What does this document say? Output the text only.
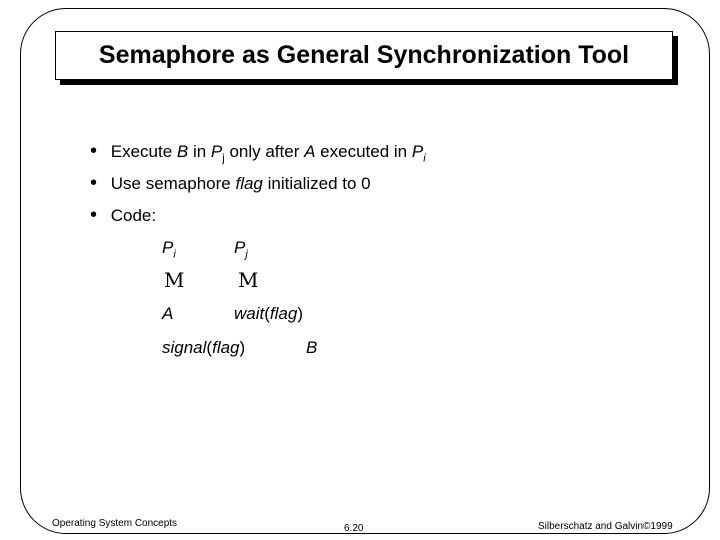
Semaphore as General Synchronization Tool
• Execute B in $P_j$ only after A executed in $P_i$
• Use semaphore flag initialized to 0
• Code:
$P_i$	$P_j$
M	M
A	wait(flag)
signal(flag)	B
Operating System Concepts	6.20	Silberschatz and Galvin©1999
